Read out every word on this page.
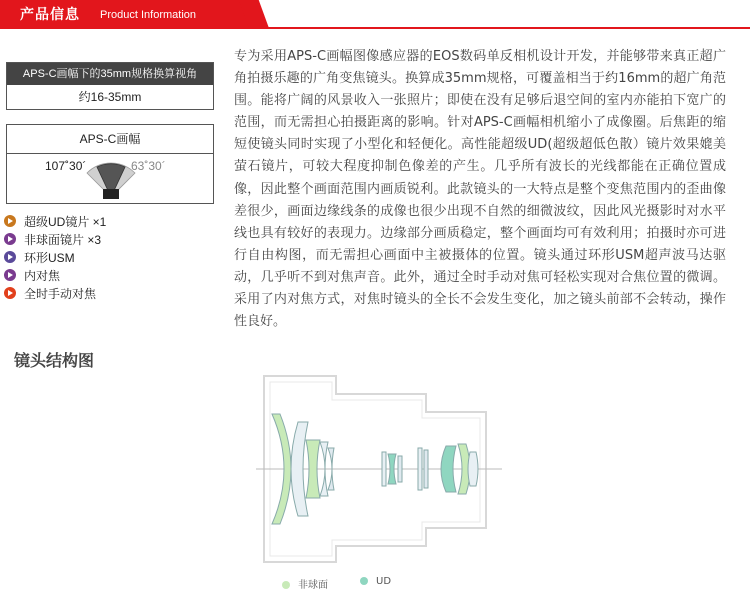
产品信息 Product Information
APS-C画幅下的35mm规格换算视角
约16-35mm
APS-C画幅
107˚30´	63˚30´
超级UD镜片 ×1
非球面镜片 ×3
环形USM
内对焦
全时手动对焦
专为采用APS-C画幅图像感应器的EOS数码单反相机设计开发，并能够带来真正超广角拍摄乐趣的广角变焦镜头。换算成35mm规格，可覆盖相当于约16mm的超广角范围。能将广阔的风景收入一张照片；即使在没有足够后退空间的室内亦能拍下宽广的范围，而无需担心拍摄距离的影响。针对APS-C画幅相机缩小了成像圈。后焦距的缩短使镜头同时实现了小型化和轻便化。高性能超级UD(超级超低色散）镜片效果媲美萤石镜片，可较大程度抑制色像差的产生。几乎所有波长的光线都能在正确位置成像，因此整个画面范围内画质锐利。此款镜头的一大特点是整个变焦范围内的歪曲像差很少，画面边缘线条的成像也很少出现不自然的细微波纹，因此风光摄影时对水平线也具有较好的表现力。边缘部分画质稳定，整个画面均可有效利用；拍摄时亦可进行自由构图，而无需担心画面中主被摄体的位置。镜头通过环形USM超声波马达驱动，几乎听不到对焦声音。此外，通过全时手动对焦可轻松实现对合焦位置的微调。采用了内对焦方式，对焦时镜头的全长不会发生变化，加之镜头前部不会转动，操作性良好。
镜头结构图
非球面	UD
